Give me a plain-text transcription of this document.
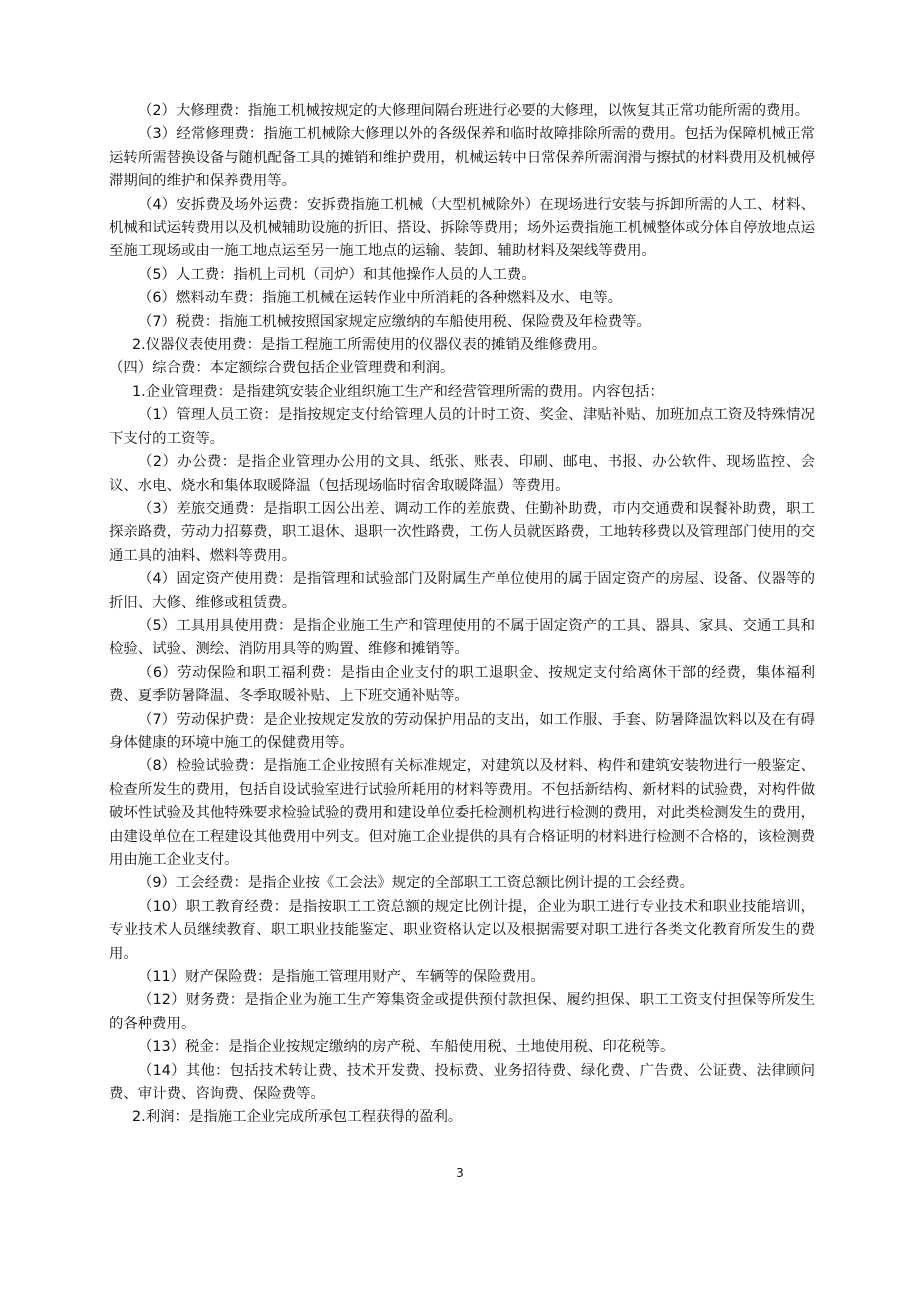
（2）大修理费：指施工机械按规定的大修理间隔台班进行必要的大修理，以恢复其正常功能所需的费用。

（3）经常修理费：指施工机械除大修理以外的各级保养和临时故障排除所需的费用。包括为保障机械正常运转所需替换设备与随机配备工具的摊销和维护费用，机械运转中日常保养所需润滑与擦拭的材料费用及机械停滞期间的维护和保养费用等。

（4）安拆费及场外运费：安拆费指施工机械（大型机械除外）在现场进行安装与拆卸所需的人工、材料、机械和试运转费用以及机械辅助设施的折旧、搭设、拆除等费用；场外运费指施工机械整体或分体自停放地点运至施工现场或由一施工地点运至另一施工地点的运输、装卸、辅助材料及架线等费用。

（5）人工费：指机上司机（司炉）和其他操作人员的人工费。

（6）燃料动车费：指施工机械在运转作业中所消耗的各种燃料及水、电等。

（7）税费：指施工机械按照国家规定应缴纳的车船使用税、保险费及年检费等。

2.仪器仪表使用费：是指工程施工所需使用的仪器仪表的摊销及维修费用。

（四）综合费：本定额综合费包括企业管理费和利润。

1.企业管理费：是指建筑安装企业组织施工生产和经营管理所需的费用。内容包括：

（1）管理人员工资：是指按规定支付给管理人员的计时工资、奖金、津贴补贴、加班加点工资及特殊情况下支付的工资等。

（2）办公费：是指企业管理办公用的文具、纸张、账表、印刷、邮电、书报、办公软件、现场监控、会议、水电、烧水和集体取暖降温（包括现场临时宿舍取暖降温）等费用。

（3）差旅交通费：是指职工因公出差、调动工作的差旅费、住勤补助费，市内交通费和误餐补助费，职工探亲路费，劳动力招募费，职工退休、退职一次性路费，工伤人员就医路费，工地转移费以及管理部门使用的交通工具的油料、燃料等费用。

（4）固定资产使用费：是指管理和试验部门及附属生产单位使用的属于固定资产的房屋、设备、仪器等的折旧、大修、维修或租赁费。

（5）工具用具使用费：是指企业施工生产和管理使用的不属于固定资产的工具、器具、家具、交通工具和检验、试验、测绘、消防用具等的购置、维修和摊销等。

（6）劳动保险和职工福利费：是指由企业支付的职工退职金、按规定支付给离休干部的经费，集体福利费、夏季防暑降温、冬季取暖补贴、上下班交通补贴等。

（7）劳动保护费：是企业按规定发放的劳动保护用品的支出，如工作服、手套、防暑降温饮料以及在有碍身体健康的环境中施工的保健费用等。

（8）检验试验费：是指施工企业按照有关标准规定，对建筑以及材料、构件和建筑安装物进行一般鉴定、检查所发生的费用，包括自设试验室进行试验所耗用的材料等费用。不包括新结构、新材料的试验费，对构件做破坏性试验及其他特殊要求检验试验的费用和建设单位委托检测机构进行检测的费用，对此类检测发生的费用，由建设单位在工程建设其他费用中列支。但对施工企业提供的具有合格证明的材料进行检测不合格的，该检测费用由施工企业支付。

（9）工会经费：是指企业按《工会法》规定的全部职工工资总额比例计提的工会经费。

（10）职工教育经费：是指按职工工资总额的规定比例计提，企业为职工进行专业技术和职业技能培训，专业技术人员继续教育、职工职业技能鉴定、职业资格认定以及根据需要对职工进行各类文化教育所发生的费用。

（11）财产保险费：是指施工管理用财产、车辆等的保险费用。

（12）财务费：是指企业为施工生产筹集资金或提供预付款担保、履约担保、职工工资支付担保等所发生的各种费用。

（13）税金：是指企业按规定缴纳的房产税、车船使用税、土地使用税、印花税等。

（14）其他：包括技术转让费、技术开发费、投标费、业务招待费、绿化费、广告费、公证费、法律顾问费、审计费、咨询费、保险费等。

2.利润：是指施工企业完成所承包工程获得的盈利。

3
